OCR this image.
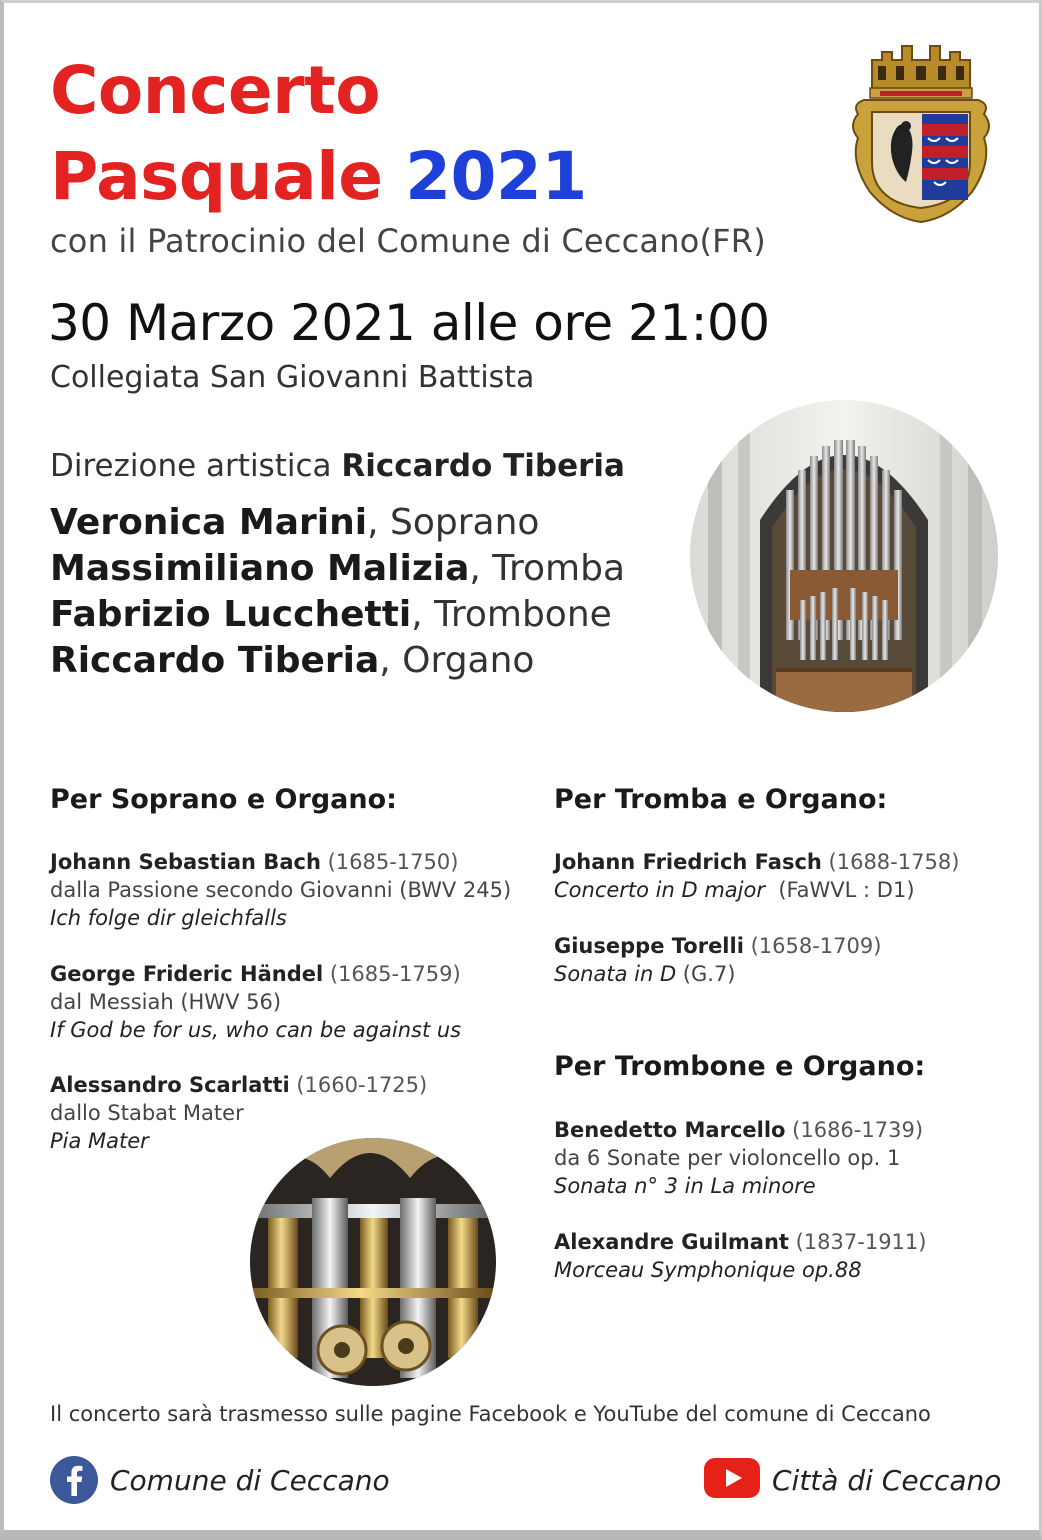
Concerto
Pasquale 2021
con il Patrocinio del Comune di Ceccano(FR)
30 Marzo 2021 alle ore 21:00
Collegiata San Giovanni Battista
Direzione artistica Riccardo Tiberia
Veronica Marini, Soprano
Massimiliano Malizia, Tromba
Fabrizio Lucchetti, Trombone
Riccardo Tiberia, Organo
Per Soprano e Organo:
Johann Sebastian Bach (1685-1750)
dalla Passione secondo Giovanni (BWV 245)
Ich folge dir gleichfalls
George Frideric Händel (1685-1759)
dal Messiah (HWV 56)
If God be for us, who can be against us
Alessandro Scarlatti (1660-1725)
dallo Stabat Mater
Pia Mater
Per Tromba e Organo:
Johann Friedrich Fasch (1688-1758)
Concerto in D major  (FaWVL : D1)
Giuseppe Torelli (1658-1709)
Sonata in D (G.7)
Per Trombone e Organo:
Benedetto Marcello (1686-1739)
da 6 Sonate per violoncello op. 1
Sonata n° 3 in La minore
Alexandre Guilmant (1837-1911)
Morceau Symphonique op.88
Il concerto sarà trasmesso sulle pagine Facebook e YouTube del comune di Ceccano
Comune di Ceccano	Città di Ceccano
